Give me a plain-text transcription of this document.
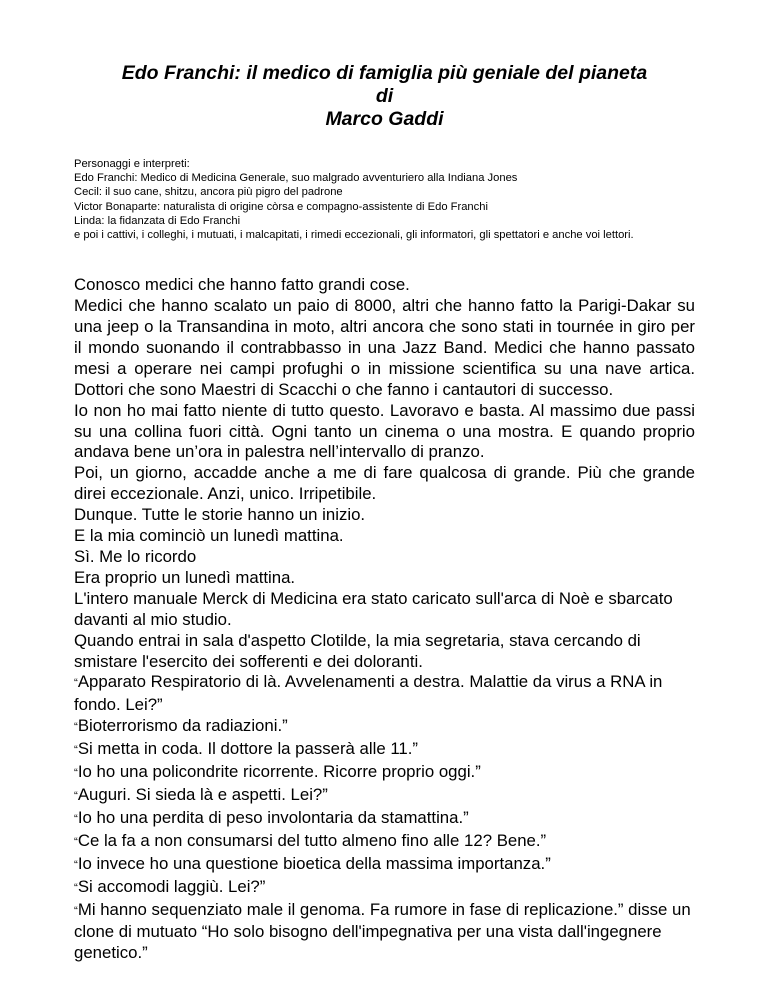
Edo Franchi: il medico di famiglia più geniale del pianeta
di
Marco Gaddi
Personaggi e interpreti:
Edo Franchi: Medico di Medicina Generale, suo malgrado avventuriero alla Indiana Jones
Cecil: il suo cane, shitzu, ancora più pigro del padrone
Victor Bonaparte: naturalista di origine còrsa e compagno-assistente di Edo Franchi
Linda: la fidanzata di Edo Franchi
e poi i cattivi, i colleghi, i mutuati, i malcapitati, i rimedi eccezionali, gli informatori, gli spettatori e anche voi lettori.
Conosco medici che hanno fatto grandi cose.
Medici che hanno scalato un paio di 8000, altri che hanno fatto la Parigi-Dakar su una jeep o la Transandina in moto, altri ancora che sono stati in tournée in giro per il mondo suonando il contrabbasso in una Jazz Band. Medici che hanno passato mesi a operare nei campi profughi o in missione scientifica su una nave artica. Dottori che sono Maestri di Scacchi o che fanno i cantautori di successo.
Io non ho mai fatto niente di tutto questo. Lavoravo e basta. Al massimo due passi su una collina fuori città. Ogni tanto un cinema o una mostra. E quando proprio andava bene un’ora in palestra nell’intervallo di pranzo.
Poi, un giorno, accadde anche a me di fare qualcosa di grande. Più che grande direi eccezionale. Anzi, unico. Irripetibile.
Dunque. Tutte le storie hanno un inizio.
E la mia cominciò un lunedì mattina.
Sì. Me lo ricordo
Era proprio un lunedì mattina.
L'intero manuale Merck di Medicina era stato caricato sull'arca di Noè e sbarcato davanti al mio studio.
Quando entrai in sala d'aspetto Clotilde, la mia segretaria, stava cercando di smistare l'esercito dei sofferenti e dei doloranti.
“Apparato Respiratorio di là. Avvelenamenti a destra. Malattie da virus a RNA in fondo. Lei?”
“Bioterrorismo da radiazioni.”
“Si metta in coda. Il dottore la passerà alle 11.”
“Io ho una policondrite ricorrente. Ricorre proprio oggi.”
“Auguri. Si sieda là e aspetti. Lei?”
“Io ho una perdita di peso involontaria da stamattina.”
“Ce la fa a non consumarsi del tutto almeno fino alle 12? Bene.”
“Io invece ho una questione bioetica della massima importanza.”
“Si accomodi laggiù. Lei?”
“Mi hanno sequenziato male il genoma. Fa rumore in fase di replicazione.” disse un clone di mutuato “Ho solo bisogno dell'impegnativa per una vista dall'ingegnere genetico.”
